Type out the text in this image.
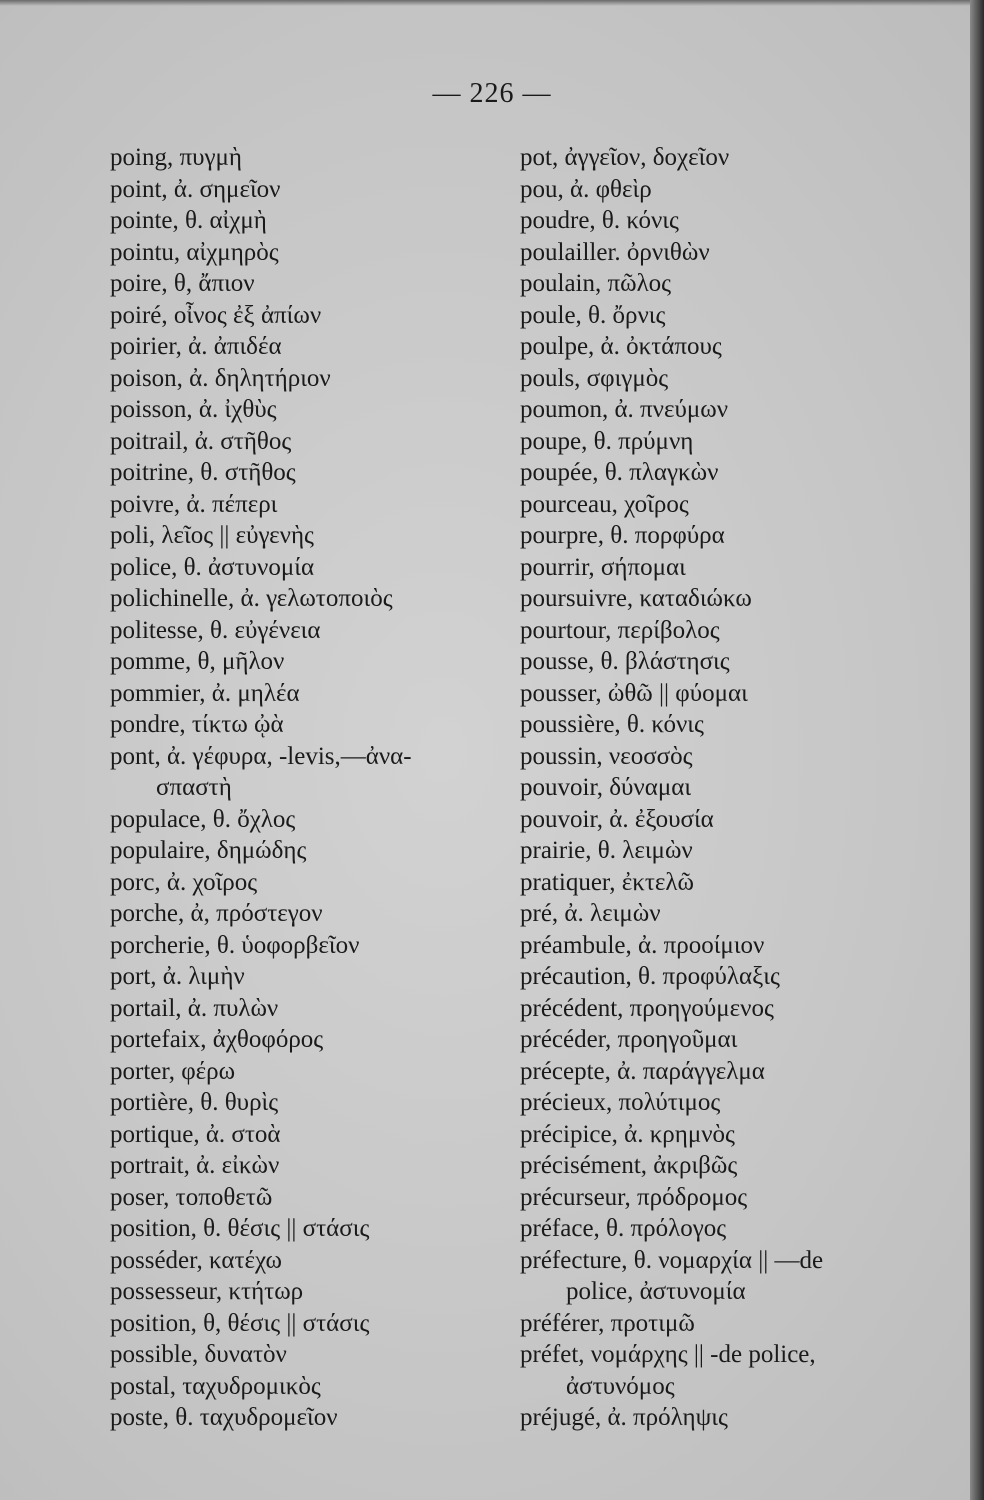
— 226 —
poing, πυγμὴ
point, ἀ. σημεῖον
pointe, θ. αἰχμὴ
pointu, αἰχμηρὸς
poire, θ, ἄπιον
poiré, οἶνος ἐξ ἀπίων
poirier, ἀ. ἀπιδέα
poison, ἀ. δηλητήριον
poisson, ἀ. ἰχθὺς
poitrail, ἀ. στῆθος
poitrine, θ. στῆθος
poivre, ἀ. πέπερι
poli, λεῖος || εὐγενὴς
police, θ. ἀστυνομία
polichinelle, ἀ. γελωτοποιὸς
politesse, θ. εὐγένεια
pomme, θ, μῆλον
pommier, ἀ. μηλέα
pondre, τίκτω ᾠὰ
pont, ἀ. γέφυρα, -levis,—ἀνα-
σπαστὴ
populace, θ. ὄχλος
populaire, δημώδης
porc, ἀ. χοῖρος
porche, ἀ, πρόστεγον
porcherie, θ. ὑοφορβεῖον
port, ἀ. λιμὴν
portail, ἀ. πυλὼν
portefaix, ἀχθοφόρος
porter, φέρω
portière, θ. θυρὶς
portique, ἀ. στοὰ
portrait, ἀ. εἰκὼν
poser, τοποθετῶ
position, θ. θέσις || στάσις
posséder, κατέχω
possesseur, κτήτωρ
position, θ, θέσις || στάσις
possible, δυνατὸν
postal, ταχυδρομικὸς
poste, θ. ταχυδρομεῖον
pot, ἀγγεῖον, δοχεῖον
pou, ἀ. φθεὶρ
poudre, θ. κόνις
poulailler. ὀρνιθὼν
poulain, πῶλος
poule, θ. ὄρνις
poulpe, ἀ. ὀκτάπους
pouls, σφιγμὸς
poumon, ἀ. πνεύμων
poupe, θ. πρύμνη
poupée, θ. πλαγκὼν
pourceau, χοῖρος
pourpre, θ. πορφύρα
pourrir, σήπομαι
poursuivre, καταδιώκω
pourtour, περίβολος
pousse, θ. βλάστησις
pousser, ὠθῶ || φύομαι
poussière, θ. κόνις
poussin, νεοσσὸς
pouvoir, δύναμαι
pouvoir, ἀ. ἐξουσία
prairie, θ. λειμὼν
pratiquer, ἐκτελῶ
pré, ἀ. λειμὼν
préambule, ἀ. προοίμιον
précaution, θ. προφύλαξις
précédent, προηγούμενος
précéder, προηγοῦμαι
précepte, ἀ. παράγγελμα
précieux, πολύτιμος
précipice, ἀ. κρημνὸς
précisément, ἀκριβῶς
précurseur, πρόδρομος
préface, θ. πρόλογος
préfecture, θ. νομαρχία || —de
police, ἀστυνομία
préférer, προτιμῶ
préfet, νομάρχης || -de police,
ἀστυνόμος
préjugé, ἀ. πρόληψις
